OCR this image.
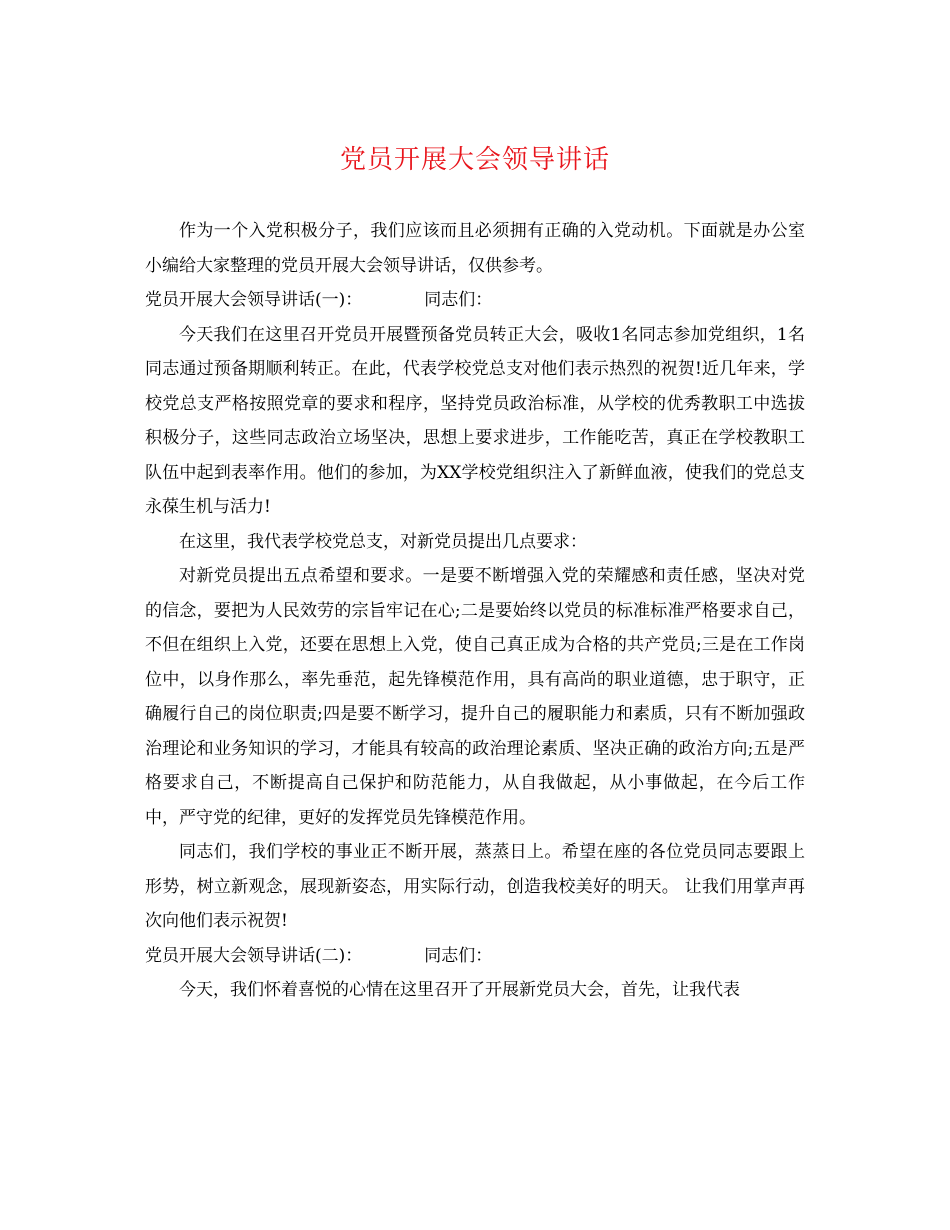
党员开展大会领导讲话

作为一个入党积极分子，我们应该而且必须拥有正确的入党动机。下面就是办公室小编给大家整理的党员开展大会领导讲话，仅供参考。

党员开展大会领导讲话(一)：	同志们：

今天我们在这里召开党员开展暨预备党员转正大会，吸收1名同志参加党组织，1名同志通过预备期顺利转正。在此，代表学校党总支对他们表示热烈的祝贺!近几年来，学校党总支严格按照党章的要求和程序，坚持党员政治标准，从学校的优秀教职工中选拔积极分子，这些同志政治立场坚决，思想上要求进步，工作能吃苦，真正在学校教职工队伍中起到表率作用。他们的参加，为XX学校党组织注入了新鲜血液，使我们的党总支永葆生机与活力!

在这里，我代表学校党总支，对新党员提出几点要求：

对新党员提出五点希望和要求。一是要不断增强入党的荣耀感和责任感，坚决对党的信念，要把为人民效劳的宗旨牢记在心;二是要始终以党员的标准标准严格要求自己，不但在组织上入党，还要在思想上入党，使自己真正成为合格的共产党员;三是在工作岗位中，以身作那么，率先垂范，起先锋模范作用，具有高尚的职业道德，忠于职守，正确履行自己的岗位职责;四是要不断学习，提升自己的履职能力和素质，只有不断加强政治理论和业务知识的学习，才能具有较高的政治理论素质、坚决正确的政治方向;五是严格要求自己，不断提高自己保护和防范能力，从自我做起，从小事做起，在今后工作中，严守党的纪律，更好的发挥党员先锋模范作用。

同志们，我们学校的事业正不断开展，蒸蒸日上。希望在座的各位党员同志要跟上形势，树立新观念，展现新姿态，用实际行动，创造我校美好的明天。 让我们用掌声再次向他们表示祝贺!

党员开展大会领导讲话(二)：	同志们：

今天，我们怀着喜悦的心情在这里召开了开展新党员大会，首先，让我代表
